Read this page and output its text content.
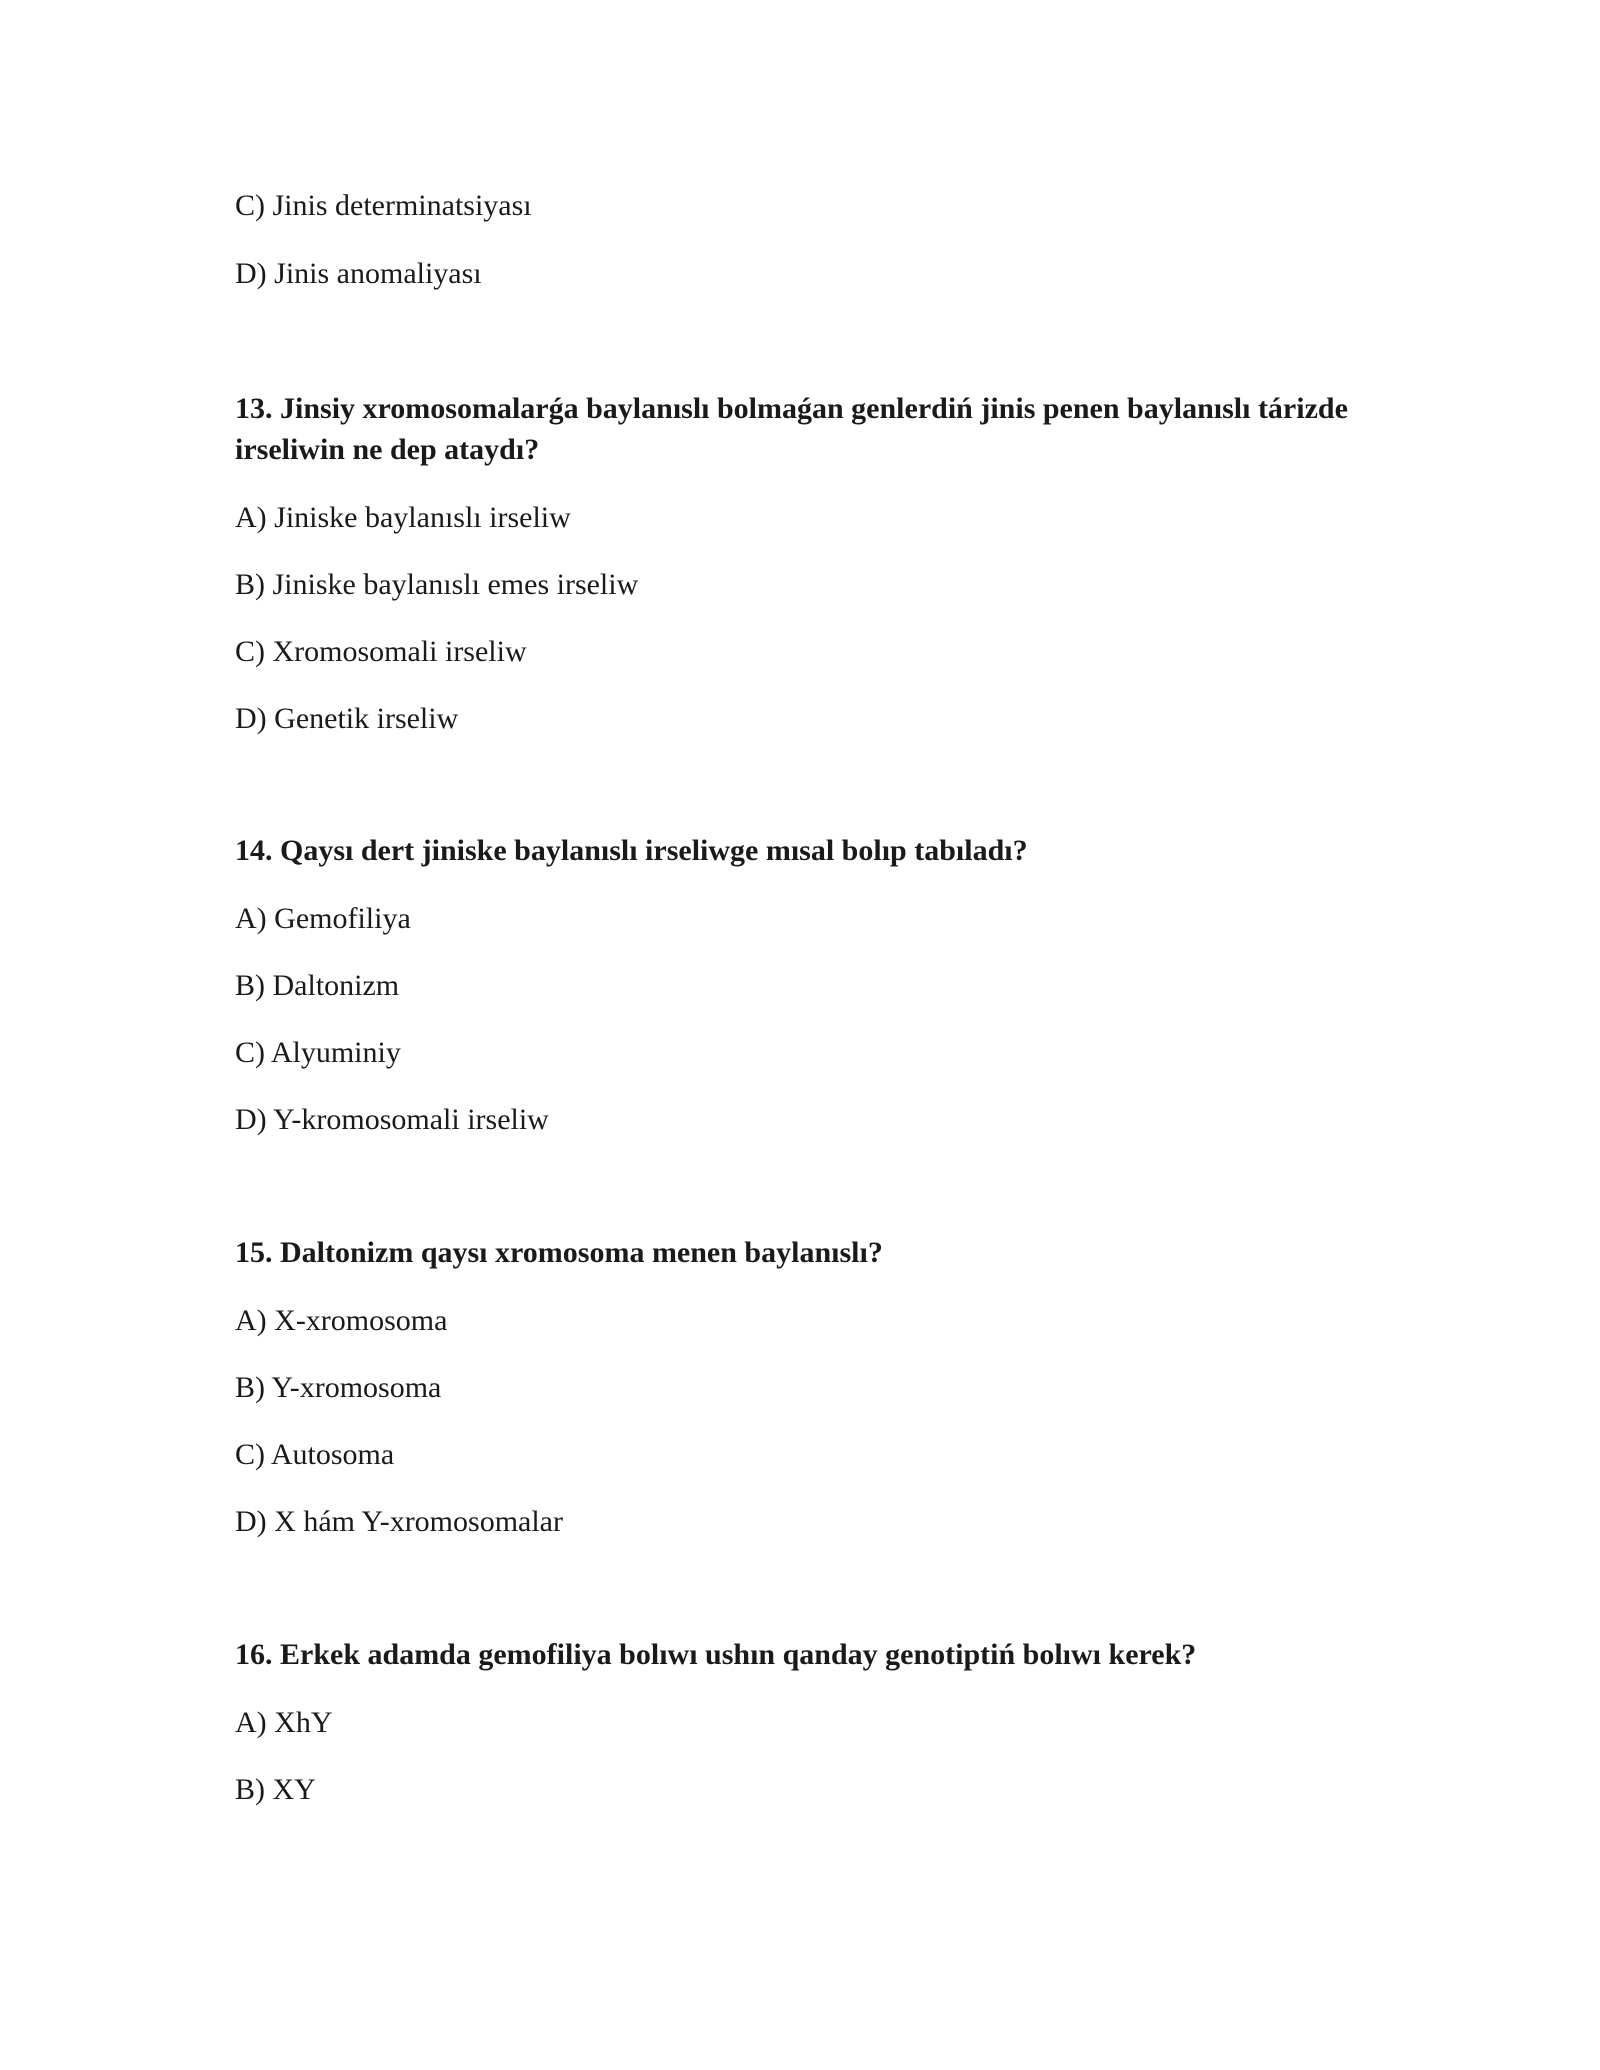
C) Jinis determinatsiyası
D) Jinis anomaliyası
13. Jinsiy xromosomalarǵa baylanıslı bolmaǵan genlerdiń jinis penen baylanıslı tárizde irseliwin ne dep ataydı?
A) Jiniske baylanıslı irseliw
B) Jiniske baylanıslı emes irseliw
C) Xromosomali irseliw
D) Genetik irseliw
14. Qaysı dert jiniske baylanıslı irseliwge mısal bolıp tabıladı?
A) Gemofiliya
B) Daltonizm
C) Alyuminiy
D) Y-kromosomali irseliw
15. Daltonizm qaysı xromosoma menen baylanıslı?
A) X-xromosoma
B) Y-xromosoma
C) Autosoma
D) X hám Y-xromosomalar
16. Erkek adamda gemofiliya bolıwı ushın qanday genotiptiń bolıwı kerek?
A) XhY
B) XY
